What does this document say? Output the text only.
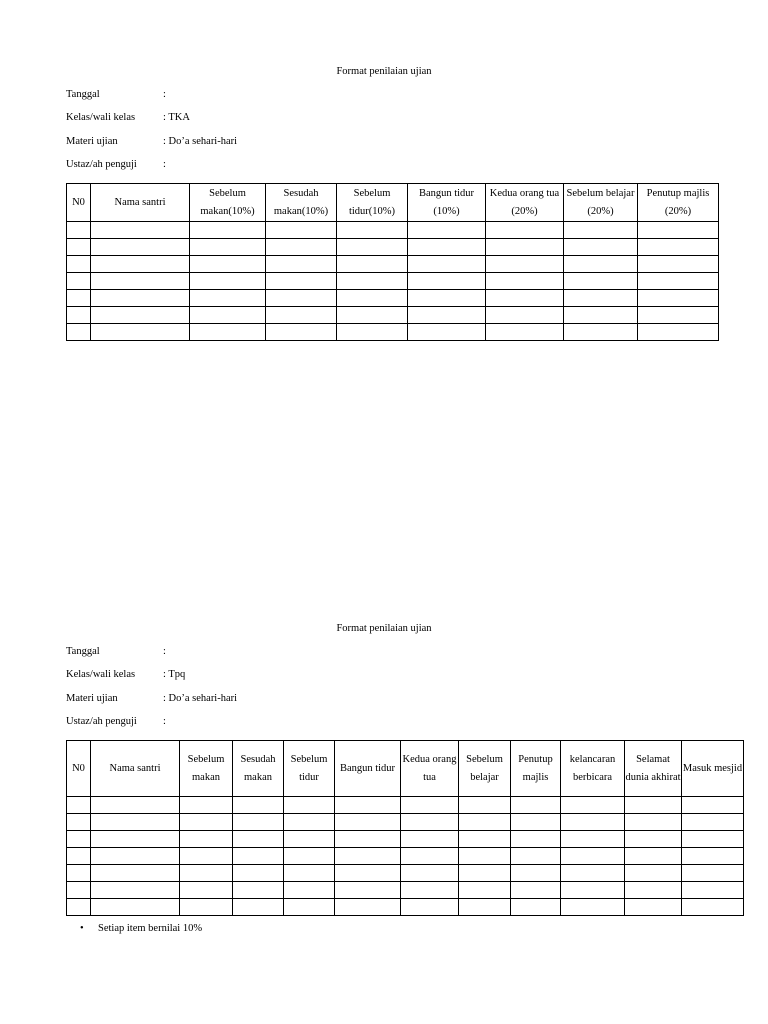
Format penilaian ujian
Tanggal	:
Kelas/wali kelas	: TKA
Materi ujian	: Do’a sehari-hari
Ustaz/ah penguji :
N0	Nama santri	Sebelum makan(10%)	Sesudah makan(10%)	Sebelum tidur(10%)	Bangun tidur (10%)	Kedua orang tua (20%)	Sebelum belajar (20%)	Penutup majlis (20%)

Format penilaian ujian
Tanggal	:
Kelas/wali kelas	: Tpq
Materi ujian	: Do’a sehari-hari
Ustaz/ah penguji :
N0	Nama santri	Sebelum makan	Sesudah makan	Sebelum tidur	Bangun tidur	Kedua orang tua	Sebelum belajar	Penutup majlis	kelancaran berbicara	Selamat dunia akhirat	Masuk mesjid

• Setiap item bernilai 10%
